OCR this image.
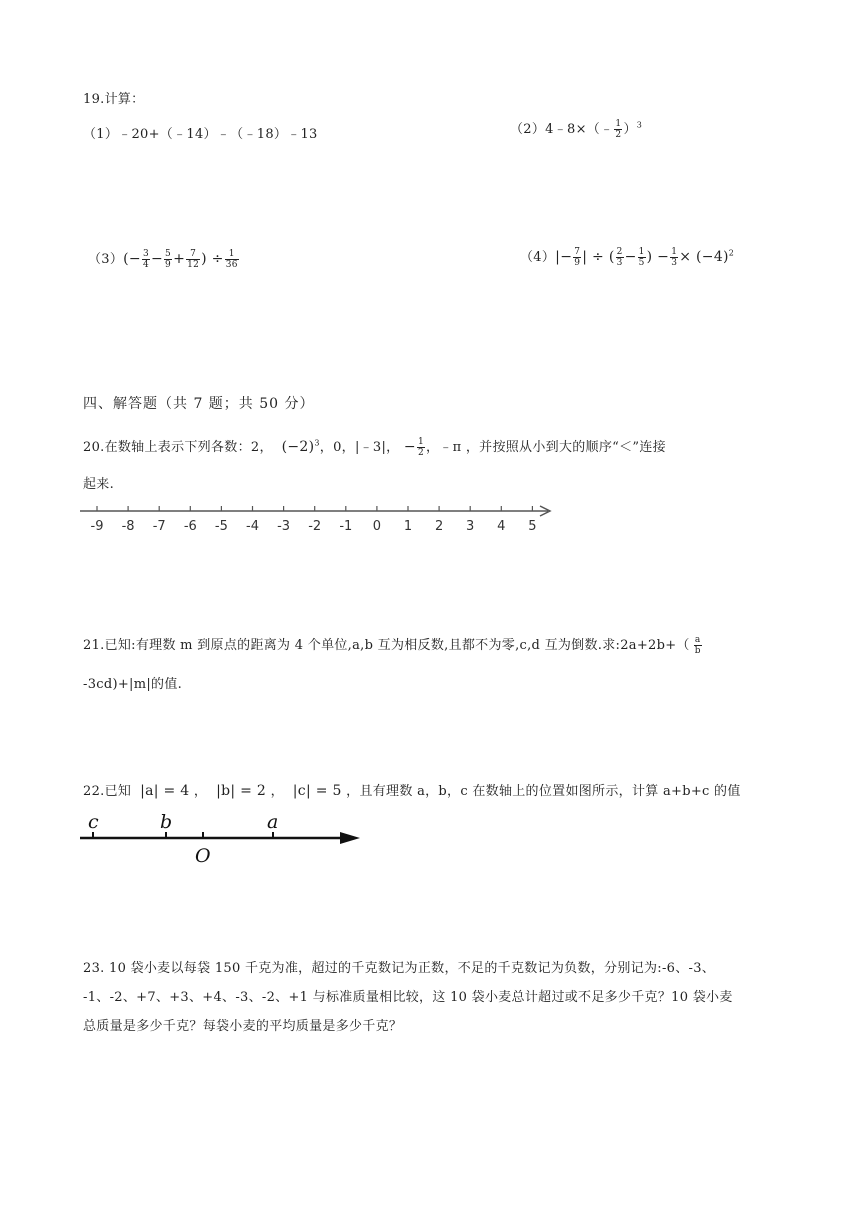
19.计算：
（1）﹣20+（﹣14）﹣（﹣18）﹣13	（2）4﹣8×（﹣ $\frac{1}{2} )^3$
$(3)(- \frac{3}{4} - \frac{5}{9} + \frac{7}{12}$ ) ÷ $\frac{1}{36}$	$(4)|- \frac{7}{9}$ | ÷ ( $\frac{2}{3} - \frac{1}{5}$ ) − $\frac{1}{3} \times (-4)^2$
四、解答题（共 7 题；共 50 分）
20.在数轴上表示下列各数：2， $(-2)^3$，0，|﹣3|， − $\frac{1}{2}$ ，﹣π ，并按照从小到大的顺序“＜”连接
起来.
-9 -8 -7 -6 -5 -4 -3 -2 -1 0 1 2 3 4 5
21.已知:有理数 m 到原点的距离为 4 个单位,a,b 互为相反数,且都不为零,c,d 互为倒数.求:2a+2b+（ $\frac{a}{b}$
-3cd)+|m|的值.
22.已知 |a| = 4 ， |b| = 2 ， |c| = 5 ，且有理数 a，b，c 在数轴上的位置如图所示，计算 a+b+c 的值
c	b	a
O
23. 10 袋小麦以每袋 150 千克为准，超过的千克数记为正数，不足的千克数记为负数，分别记为:-6、-3、
-1、-2、+7、+3、+4、-3、-2、+1 与标准质量相比较，这 10 袋小麦总计超过或不足多少千克？10 袋小麦
总质量是多少千克？每袋小麦的平均质量是多少千克？
